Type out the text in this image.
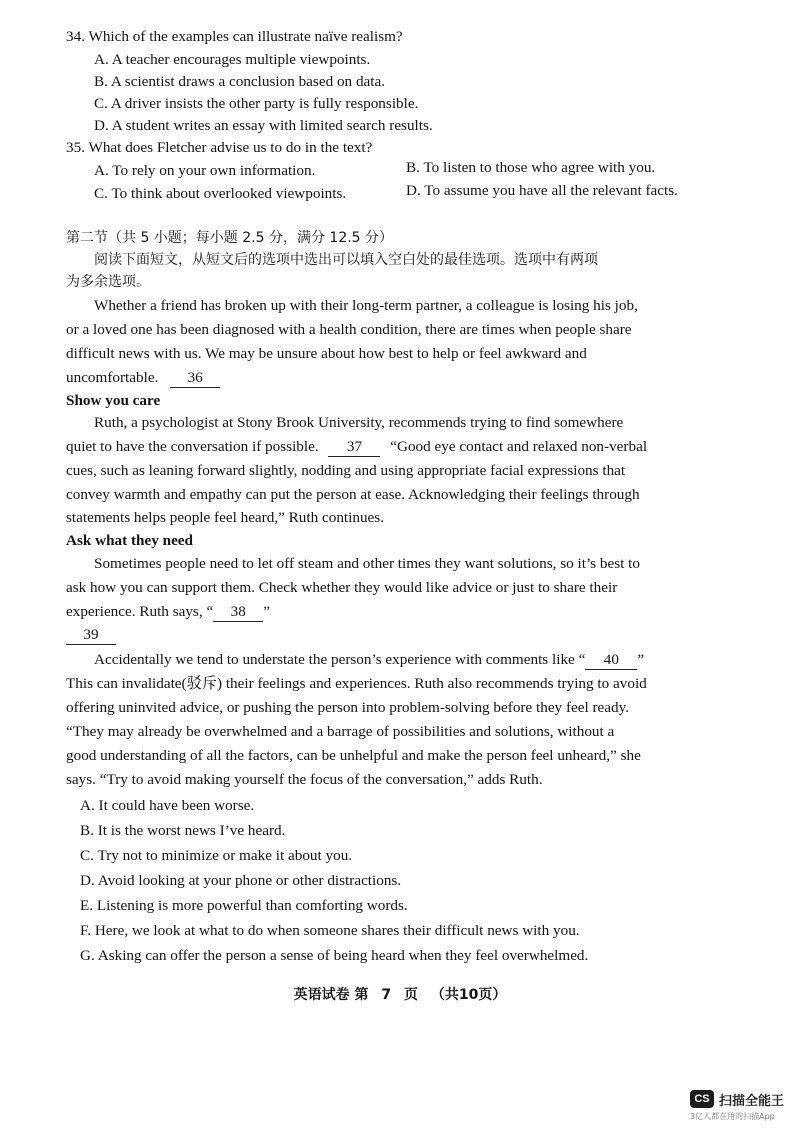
34. Which of the examples can illustrate naïve realism?
A. A teacher encourages multiple viewpoints.
B. A scientist draws a conclusion based on data.
C. A driver insists the other party is fully responsible.
D. A student writes an essay with limited search results.
35. What does Fletcher advise us to do in the text?
A. To rely on your own information.	B. To listen to those who agree with you.
C. To think about overlooked viewpoints.	D. To assume you have all the relevant facts.
第二节（共 5 小题；每小题 2.5 分，满分 12.5 分）
阅读下面短文，从短文后的选项中选出可以填入空白处的最佳选项。选项中有两项
为多余选项。
Whether a friend has broken up with their long-term partner, a colleague is losing his job,
or a loved one has been diagnosed with a health condition, there are times when people share
difficult news with us. We may be unsure about how best to help or feel awkward and
uncomfortable. 36
Show you care
Ruth, a psychologist at Stony Brook University, recommends trying to find somewhere
quiet to have the conversation if possible. 37 “Good eye contact and relaxed non-verbal
cues, such as leaning forward slightly, nodding and using appropriate facial expressions that
convey warmth and empathy can put the person at ease. Acknowledging their feelings through
statements helps people feel heard,” Ruth continues.
Ask what they need
Sometimes people need to let off steam and other times they want solutions, so it’s best to
ask how you can support them. Check whether they would like advice or just to share their
experience. Ruth says, “ 38 ”
39
Accidentally we tend to understate the person’s experience with comments like “ 40 ”
This can invalidate(驳斥) their feelings and experiences. Ruth also recommends trying to avoid
offering uninvited advice, or pushing the person into problem-solving before they feel ready.
“They may already be overwhelmed and a barrage of possibilities and solutions, without a
good understanding of all the factors, can be unhelpful and make the person feel unheard,” she
says. “Try to avoid making yourself the focus of the conversation,” adds Ruth.
A. It could have been worse.
B. It is the worst news I’ve heard.
C. Try not to minimize or make it about you.
D. Avoid looking at your phone or other distractions.
E. Listening is more powerful than comforting words.
F. Here, we look at what to do when someone shares their difficult news with you.
G. Asking can offer the person a sense of being heard when they feel overwhelmed.
英语试卷 第 7 页 （共10页）
CS 扫描全能王
3亿人都在用的扫描App
